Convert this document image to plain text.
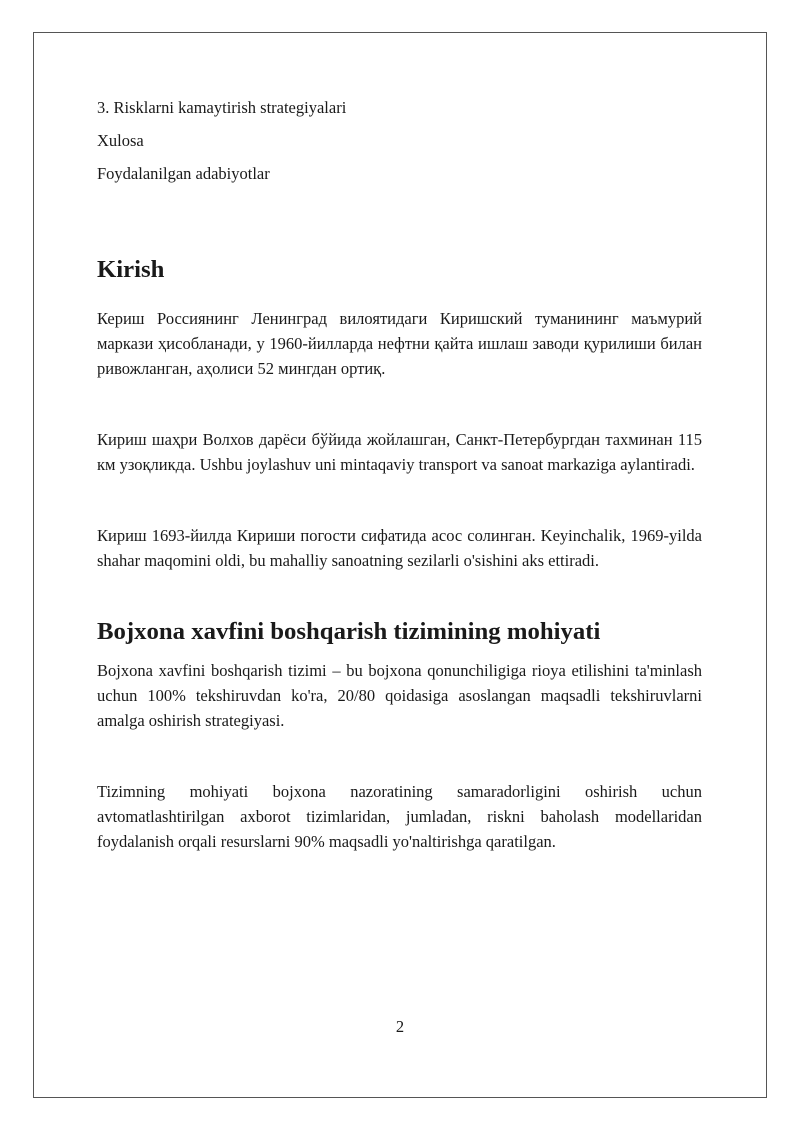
3. Risklarni kamaytirish strategiyalari

Xulosa

Foydalanilgan adabiyotlar

Kirish

Кериш Россиянинг Ленинград вилоятидаги Киришский туманининг маъмурий маркази ҳисобланади, у 1960-йилларда нефтни қайта ишлаш заводи қурилиши билан ривожланган, аҳолиси 52 мингдан ортиқ.

Кириш шаҳри Волхов дарёси бўйида жойлашган, Санкт-Петербургдан тахминан 115 км узоқликда. Ushbu joylashuv uni mintaqaviy transport va sanoat markaziga aylantiradi.

Кириш 1693-йилда Кириши погости сифатида асос солинган. Keyinchalik, 1969-yilda shahar maqomini oldi, bu mahalliy sanoatning sezilarli o'sishini aks ettiradi.

Bojxona xavfini boshqarish tizimining mohiyati

Bojxona xavfini boshqarish tizimi – bu bojxona qonunchiligiga rioya etilishini ta'minlash uchun 100% tekshiruvdan ko'ra, 20/80 qoidasiga asoslangan maqsadli tekshiruvlarni amalga oshirish strategiyasi.

Tizimning mohiyati bojxona nazoratining samaradorligini oshirish uchun avtomatlashtirilgan axborot tizimlaridan, jumladan, riskni baholash modellaridan foydalanish orqali resurslarni 90% maqsadli yo'naltirishga qaratilgan.

2
